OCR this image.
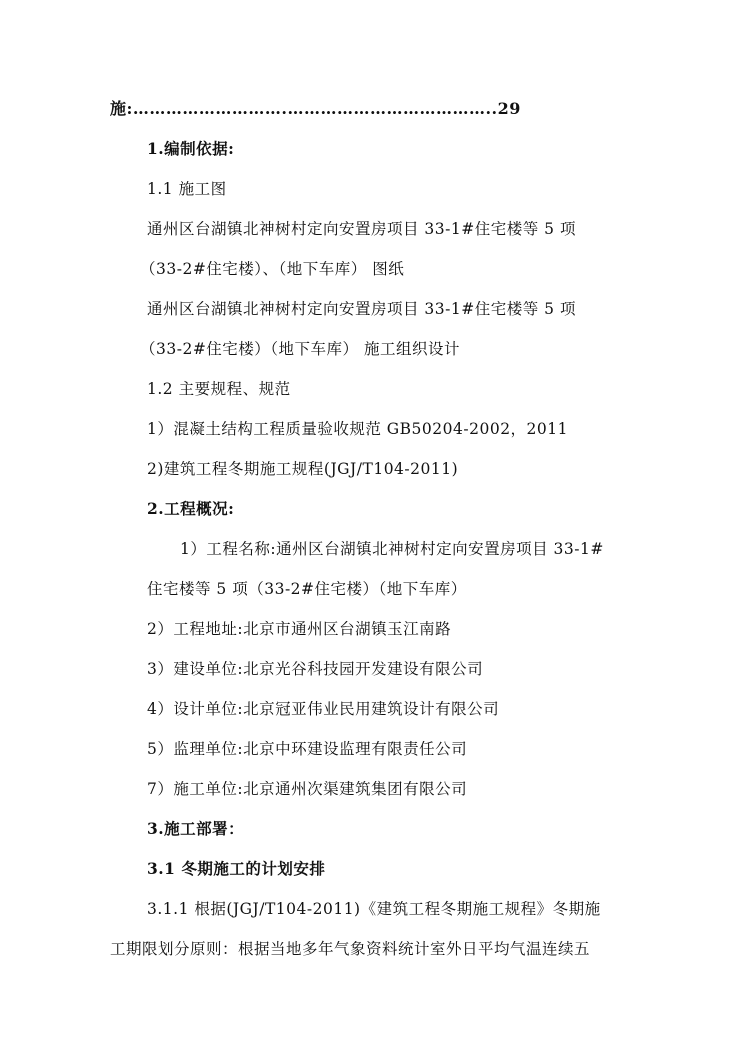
施:……………………….………………………………..29
1.编制依据:
1.1 施工图
通州区台湖镇北神树村定向安置房项目 33-1#住宅楼等 5 项
（33-2#住宅楼）、（地下车库） 图纸
通州区台湖镇北神树村定向安置房项目 33-1#住宅楼等 5 项
（33-2#住宅楼）（地下车库） 施工组织设计
1.2 主要规程、规范
1）混凝土结构工程质量验收规范 GB50204-2002，2011
2)建筑工程冬期施工规程(JGJ/T104-2011)
2.工程概况:
1）工程名称:通州区台湖镇北神树村定向安置房项目 33-1#
住宅楼等 5 项（33-2#住宅楼）（地下车库）
2）工程地址:北京市通州区台湖镇玉江南路
3）建设单位:北京光谷科技园开发建设有限公司
4）设计单位:北京冠亚伟业民用建筑设计有限公司
5）监理单位:北京中环建设监理有限责任公司
7）施工单位:北京通州次渠建筑集团有限公司
3.施工部署：
3.1 冬期施工的计划安排
3.1.1 根据(JGJ/T104-2011)《建筑工程冬期施工规程》冬期施
工期限划分原则：根据当地多年气象资料统计室外日平均气温连续五
